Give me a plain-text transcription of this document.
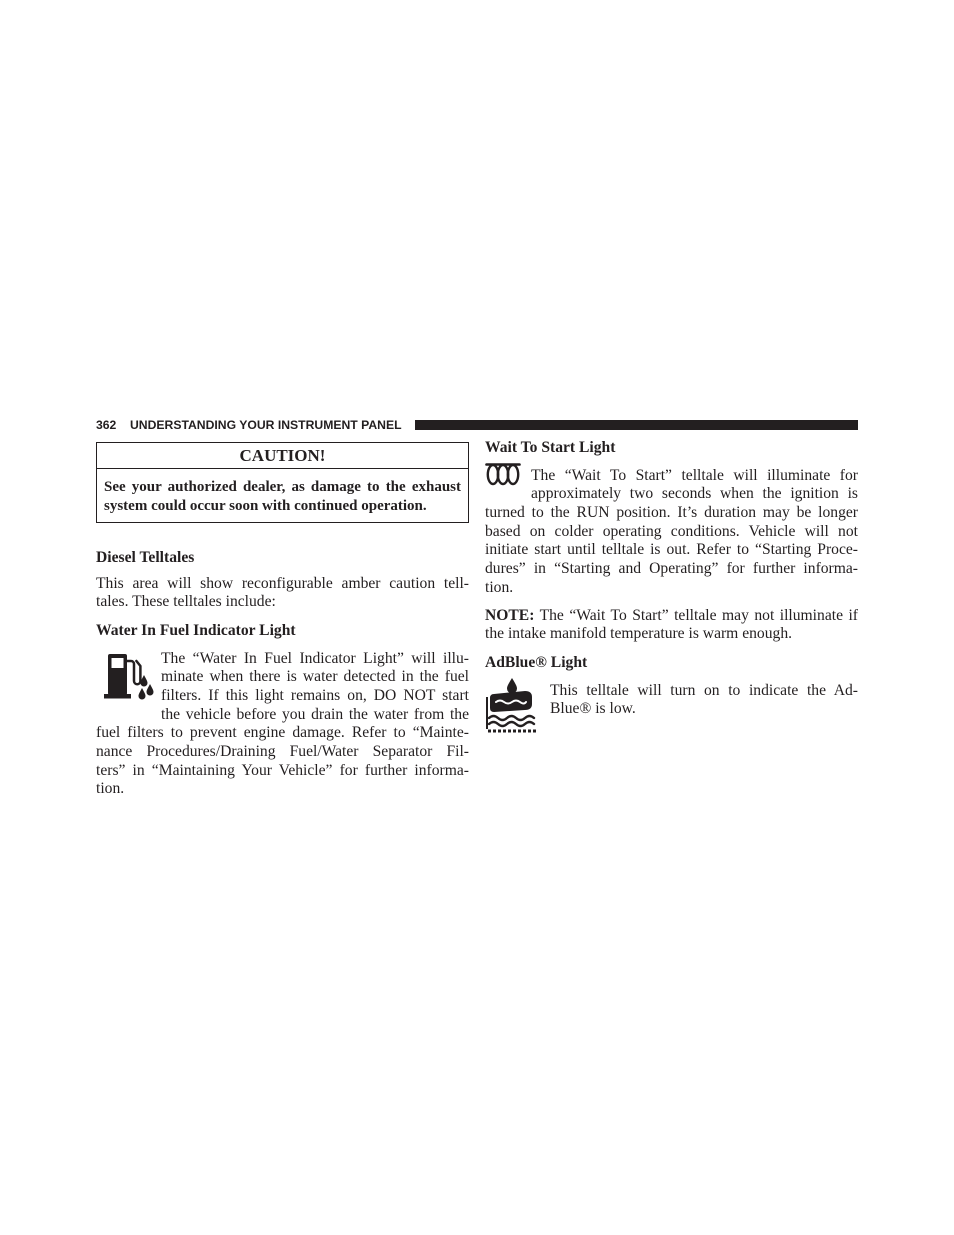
362 UNDERSTANDING YOUR INSTRUMENT PANEL
CAUTION!
See your authorized dealer, as damage to the exhaust
system could occur soon with continued operation.
Diesel Telltales
This area will show reconfigurable amber caution tell-
tales. These telltales include:
Water In Fuel Indicator Light
The “Water In Fuel Indicator Light” will illu-
minate when there is water detected in the fuel
filters. If this light remains on, DO NOT start
the vehicle before you drain the water from the
fuel filters to prevent engine damage. Refer to “Mainte-
nance Procedures/Draining Fuel/Water Separator Fil-
ters” in “Maintaining Your Vehicle” for further informa-
tion.
Wait To Start Light
The “Wait To Start” telltale will illuminate for
approximately two seconds when the ignition is
turned to the RUN position. It’s duration may be longer
based on colder operating conditions. Vehicle will not
initiate start until telltale is out. Refer to “Starting Proce-
dures” in “Starting and Operating” for further informa-
tion.
NOTE: The “Wait To Start” telltale may not illuminate if
the intake manifold temperature is warm enough.
AdBlue® Light
This telltale will turn on to indicate the Ad-
Blue® is low.
